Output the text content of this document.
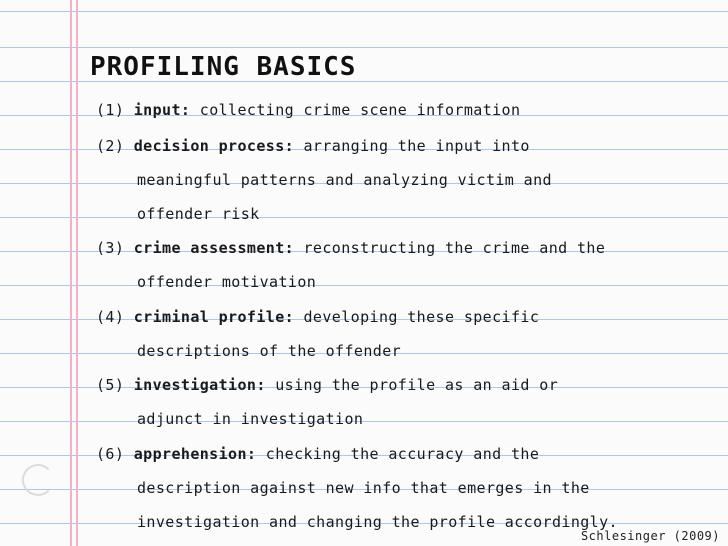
PROFILING BASICS
(1) input: collecting crime scene information
(2) decision process: arranging the input into
meaningful patterns and analyzing victim and
offender risk
(3) crime assessment: reconstructing the crime and the
offender motivation
(4) criminal profile: developing these specific
descriptions of the offender
(5) investigation: using the profile as an aid or
adjunct in investigation
(6) apprehension: checking the accuracy and the
description against new info that emerges in the
investigation and changing the profile accordingly.
Schlesinger (2009)
